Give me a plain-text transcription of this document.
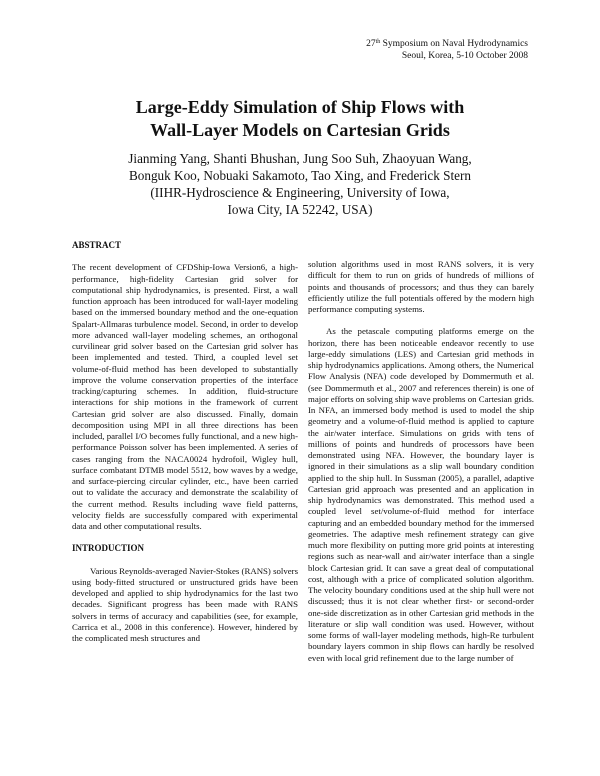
27th Symposium on Naval Hydrodynamics
Seoul, Korea, 5-10 October 2008
Large-Eddy Simulation of Ship Flows with
Wall-Layer Models on Cartesian Grids
Jianming Yang, Shanti Bhushan, Jung Soo Suh, Zhaoyuan Wang,
Bonguk Koo, Nobuaki Sakamoto, Tao Xing, and Frederick Stern
(IIHR-Hydroscience & Engineering, University of Iowa,
Iowa City, IA 52242, USA)
ABSTRACT
The recent development of CFDShip-Iowa Version6, a high-performance, high-fidelity Cartesian grid solver for computational ship hydrodynamics, is presented. First, a wall function approach has been introduced for wall-layer modeling based on the immersed boundary method and the one-equation Spalart-Allmaras turbulence model. Second, in order to develop more advanced wall-layer modeling schemes, an orthogonal curvilinear grid solver based on the Cartesian grid solver has been implemented and tested. Third, a coupled level set volume-of-fluid method has been developed to substantially improve the volume conservation properties of the interface tracking/capturing schemes. In addition, fluid-structure interactions for ship motions in the framework of current Cartesian grid solver are also discussed. Finally, domain decomposition using MPI in all three directions has been included, parallel I/O becomes fully functional, and a new high-performance Poisson solver has been implemented. A series of cases ranging from the NACA0024 hydrofoil, Wigley hull, surface combatant DTMB model 5512, bow waves by a wedge, and surface-piercing circular cylinder, etc., have been carried out to validate the accuracy and demonstrate the scalability of the current method. Results including wave field patterns, velocity fields are successfully compared with experimental data and other computational results.
INTRODUCTION
Various Reynolds-averaged Navier-Stokes (RANS) solvers using body-fitted structured or unstructured grids have been developed and applied to ship hydrodynamics for the last two decades. Significant progress has been made with RANS solvers in terms of accuracy and capabilities (see, for example, Carrica et al., 2008 in this conference). However, hindered by the complicated mesh structures and
solution algorithms used in most RANS solvers, it is very difficult for them to run on grids of hundreds of millions of points and thousands of processors; and thus they can barely efficiently utilize the full potentials offered by the modern high performance computing systems.
As the petascale computing platforms emerge on the horizon, there has been noticeable endeavor recently to use large-eddy simulations (LES) and Cartesian grid methods in ship hydrodynamics applications. Among others, the Numerical Flow Analysis (NFA) code developed by Dommermuth et al. (see Dommermuth et al., 2007 and references therein) is one of major efforts on solving ship wave problems on Cartesian grids. In NFA, an immersed body method is used to model the ship geometry and a volume-of-fluid method is applied to capture the air/water interface. Simulations on grids with tens of millions of points and hundreds of processors have been demonstrated using NFA. However, the boundary layer is ignored in their simulations as a slip wall boundary condition applied to the ship hull. In Sussman (2005), a parallel, adaptive Cartesian grid approach was presented and an application in ship hydrodynamics was demonstrated. This method used a coupled level set/volume-of-fluid method for interface capturing and an embedded boundary method for the immersed geometries. The adaptive mesh refinement strategy can give much more flexibility on putting more grid points at interesting regions such as near-wall and air/water interface than a single block Cartesian grid. It can save a great deal of computational cost, although with a price of complicated solution algorithm. The velocity boundary conditions used at the ship hull were not discussed; thus it is not clear whether first- or second-order one-side discretization as in other Cartesian grid methods in the literature or slip wall condition was used. However, without some forms of wall-layer modeling methods, high-Re turbulent boundary layers common in ship flows can hardly be resolved even with local grid refinement due to the large number of
